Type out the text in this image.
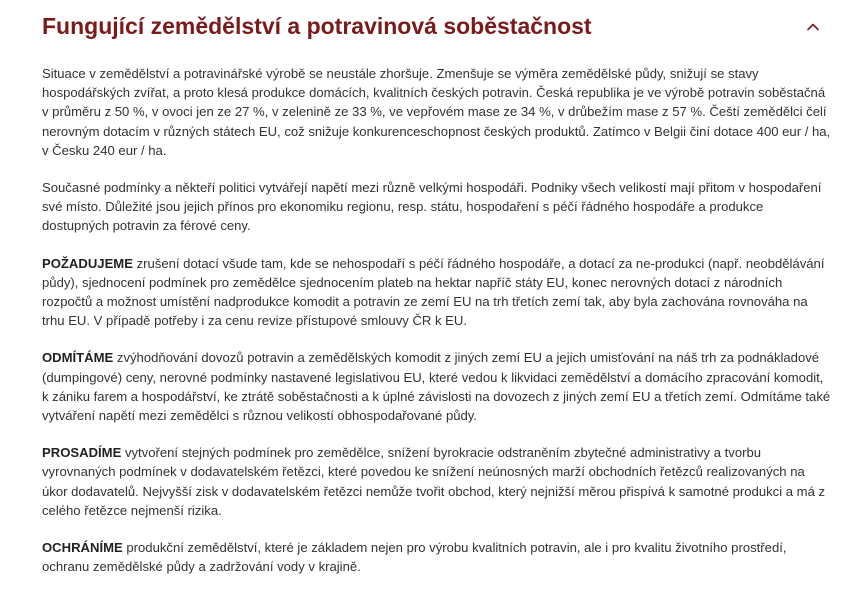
Fungující zemědělství a potravinová soběstačnost

Situace v zemědělství a potravinářské výrobě se neustále zhoršuje. Zmenšuje se výměra zemědělské půdy, snižují se stavy hospodářských zvířat, a proto klesá produkce domácích, kvalitních českých potravin. Česká republika je ve výrobě potravin soběstačná v průměru z 50 %, v ovoci jen ze 27 %, v zelenině ze 33 %, ve vepřovém mase ze 34 %, v drůbežím mase z 57 %. Čeští zemědělci čelí nerovným dotacím v různých státech EU, což snižuje konkurenceschopnost českých produktů. Zatímco v Belgii činí dotace 400 eur / ha, v Česku 240 eur / ha.

Současné podmínky a někteří politici vytvářejí napětí mezi různě velkými hospodáři. Podniky všech velikostí mají přitom v hospodaření své místo. Důležité jsou jejich přínos pro ekonomiku regionu, resp. státu, hospodaření s péčí řádného hospodáře a produkce dostupných potravin za férové ceny.

POŽADUJEME zrušení dotací všude tam, kde se nehospodaří s péčí řádného hospodáře, a dotací za ne-produkci (např. neobdělávání půdy), sjednocení podmínek pro zemědělce sjednocením plateb na hektar napříč státy EU, konec nerovných dotací z národních rozpočtů a možnost umístění nadprodukce komodit a potravin ze zemí EU na trh třetích zemí tak, aby byla zachována rovnováha na trhu EU. V případě potřeby i za cenu revize přístupové smlouvy ČR k EU.

ODMÍTÁME zvýhodňování dovozů potravin a zemědělských komodit z jiných zemí EU a jejich umisťování na náš trh za podnákladové (dumpingové) ceny, nerovné podmínky nastavené legislativou EU, které vedou k likvidaci zemědělství a domácího zpracování komodit, k zániku farem a hospodářství, ke ztrátě soběstačnosti a k úplné závislosti na dovozech z jiných zemí EU a třetích zemí. Odmítáme také vytváření napětí mezi zemědělci s různou velikostí obhospodařované půdy.

PROSADÍME vytvoření stejných podmínek pro zemědělce, snížení byrokracie odstraněním zbytečné administrativy a tvorbu vyrovnaných podmínek v dodavatelském řetězci, které povedou ke snížení neúnosných marží obchodních řetězců realizovaných na úkor dodavatelů. Nejvyšší zisk v dodavatelském řetězci nemůže tvořit obchod, který nejnižší měrou přispívá k samotné produkci a má z celého řetězce nejmenší rizika.

OCHRÁNÍME produkční zemědělství, které je základem nejen pro výrobu kvalitních potravin, ale i pro kvalitu životního prostředí, ochranu zemědělské půdy a zadržování vody v krajině.
